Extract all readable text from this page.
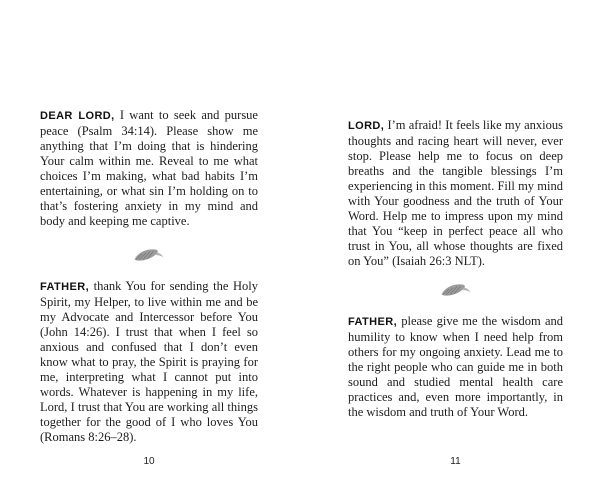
DEAR LORD, I want to seek and pursue peace (Psalm 34:14). Please show me anything that I’m doing that is hindering Your calm within me. Reveal to me what choices I’m making, what bad habits I’m entertaining, or what sin I’m holding on to that’s fostering anxiety in my mind and body and keeping me captive.

FATHER, thank You for sending the Holy Spirit, my Helper, to live within me and be my Advocate and Intercessor before You (John 14:26). I trust that when I feel so anxious and confused that I don’t even know what to pray, the Spirit is praying for me, interpreting what I cannot put into words. Whatever is happening in my life, Lord, I trust that You are working all things together for the good of I who loves You (Romans 8:26–28).

10

LORD, I’m afraid! It feels like my anxious thoughts and racing heart will never, ever stop. Please help me to focus on deep breaths and the tangible blessings I’m experiencing in this moment. Fill my mind with Your goodness and the truth of Your Word. Help me to impress upon my mind that You “keep in perfect peace all who trust in You, all whose thoughts are fixed on You” (Isaiah 26:3 NLT).

FATHER, please give me the wisdom and humility to know when I need help from others for my ongoing anxiety. Lead me to the right people who can guide me in both sound and studied mental health care practices and, even more importantly, in the wisdom and truth of Your Word.

11
